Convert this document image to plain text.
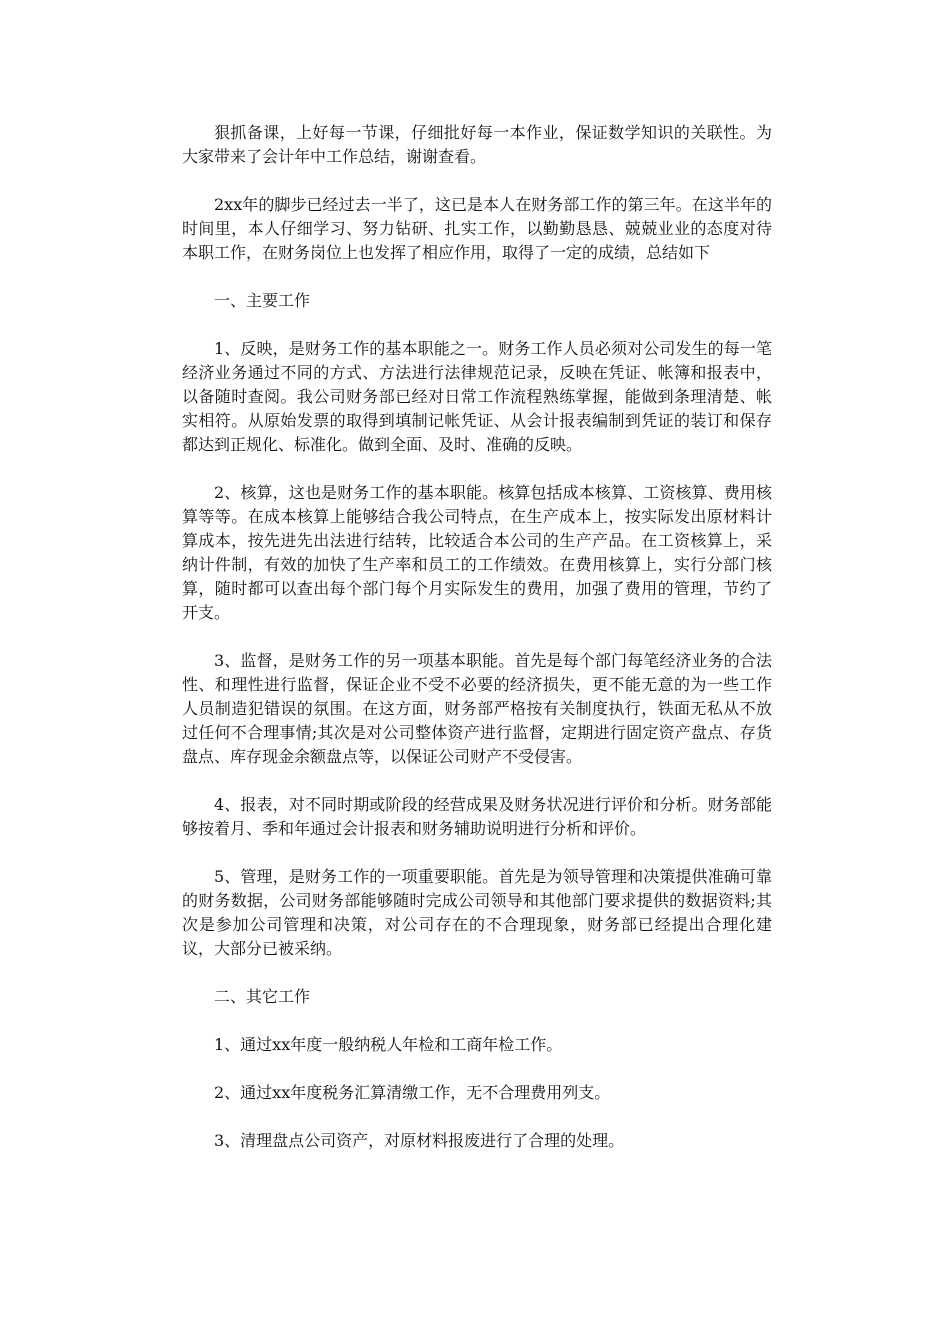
狠抓备课，上好每一节课，仔细批好每一本作业，保证数学知识的关联性。为大家带来了会计年中工作总结，谢谢查看。

2xx年的脚步已经过去一半了，这已是本人在财务部工作的第三年。在这半年的时间里，本人仔细学习、努力钻研、扎实工作，以勤勤恳恳、兢兢业业的态度对待本职工作，在财务岗位上也发挥了相应作用，取得了一定的成绩，总结如下

一、主要工作

1、反映，是财务工作的基本职能之一。财务工作人员必须对公司发生的每一笔经济业务通过不同的方式、方法进行法律规范记录，反映在凭证、帐簿和报表中，以备随时查阅。我公司财务部已经对日常工作流程熟练掌握，能做到条理清楚、帐实相符。从原始发票的取得到填制记帐凭证、从会计报表编制到凭证的装订和保存都达到正规化、标准化。做到全面、及时、准确的反映。

2、核算，这也是财务工作的基本职能。核算包括成本核算、工资核算、费用核算等等。在成本核算上能够结合我公司特点，在生产成本上，按实际发出原材料计算成本，按先进先出法进行结转，比较适合本公司的生产产品。在工资核算上，采纳计件制，有效的加快了生产率和员工的工作绩效。在费用核算上，实行分部门核算，随时都可以查出每个部门每个月实际发生的费用，加强了费用的管理，节约了开支。

3、监督，是财务工作的另一项基本职能。首先是每个部门每笔经济业务的合法性、和理性进行监督，保证企业不受不必要的经济损失，更不能无意的为一些工作人员制造犯错误的氛围。在这方面，财务部严格按有关制度执行，铁面无私从不放过任何不合理事情;其次是对公司整体资产进行监督，定期进行固定资产盘点、存货盘点、库存现金余额盘点等，以保证公司财产不受侵害。

4、报表，对不同时期或阶段的经营成果及财务状况进行评价和分析。财务部能够按着月、季和年通过会计报表和财务辅助说明进行分析和评价。

5、管理，是财务工作的一项重要职能。首先是为领导管理和决策提供准确可靠的财务数据，公司财务部能够随时完成公司领导和其他部门要求提供的数据资料;其次是参加公司管理和决策，对公司存在的不合理现象，财务部已经提出合理化建议，大部分已被采纳。

二、其它工作

1、通过xx年度一般纳税人年检和工商年检工作。

2、通过xx年度税务汇算清缴工作，无不合理费用列支。

3、清理盘点公司资产，对原材料报废进行了合理的处理。
